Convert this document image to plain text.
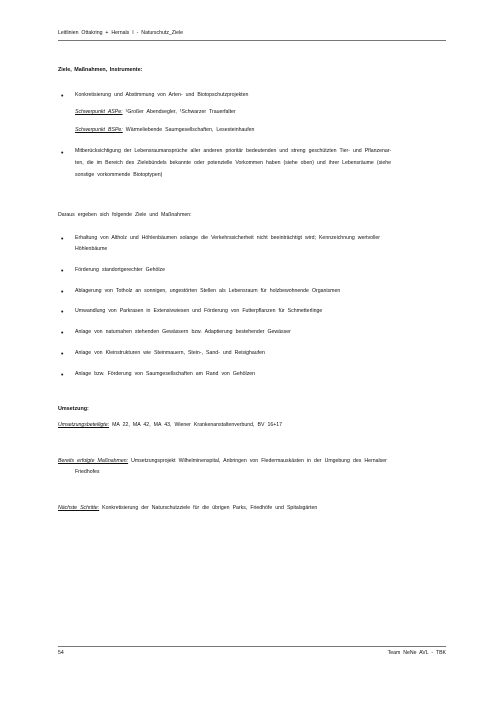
Leitlinien Ottakring + Hernals I - Naturschutz_Ziele
Ziele, Maßnahmen, Instrumente:
• Konkretisierung und Abstimmung von Arten- und Biotopschutzprojekten
Schwerpunkt ASPe: ¹Großer Abendsegler, ¹Schwarzer Trauerfalter
Schwerpunkt BSPe: Wärmeliebende Saumgesellschaften, Lesesteinhaufen
• Mitberücksichtigung der Lebensraumansprüche aller anderen prioritär bedeutenden und streng geschützten Tier- und Pflanzenar-
ten, die im Bereich des Zielebündels bekannte oder potenzielle Vorkommen haben (siehe oben) und ihrer Lebensräume (siehe
sonstige vorkommende Biotoptypen)
Daraus ergeben sich folgende Ziele und Maßnahmen:
• Erhaltung von Altholz und Höhlenbäumen solange die Verkehrssicherheit nicht beeinträchtigt wird; Kennzeichnung wertvoller
Höhlenbäume
• Förderung standortgerechter Gehölze
• Ablagerung von Totholz an sonnigen, ungestörten Stellen als Lebensraum für holzbewohnende Organismen
• Umwandlung von Parkrasen in Extensivwiesen und Förderung von Futterpflanzen für Schmetterlinge
• Anlage von naturnahen stehenden Gewässern bzw. Adaptierung bestehender Gewässer
• Anlage von Kleinstrukturen wie Steinmauern, Stein-, Sand- und Reisighaufen
• Anlage bzw. Förderung von Saumgesellschaften am Rand von Gehölzen
Umsetzung:
Umsetzungsbeteiligte: MA 22, MA 42, MA 43, Wiener Krankenanstaltenverbund, BV 16+17
Bereits erfolgte Maßnahmen: Umsetzungsprojekt Wilhelminenspital, Anbringen von Fledermauskästen in der Umgebung des Hernalser
Friedhofes
Nächste Schritte: Konkretisierung der Naturschutzziele für die übrigen Parks, Friedhöfe und Spitalsgärten
54	Team NeNe AVL - TBK
